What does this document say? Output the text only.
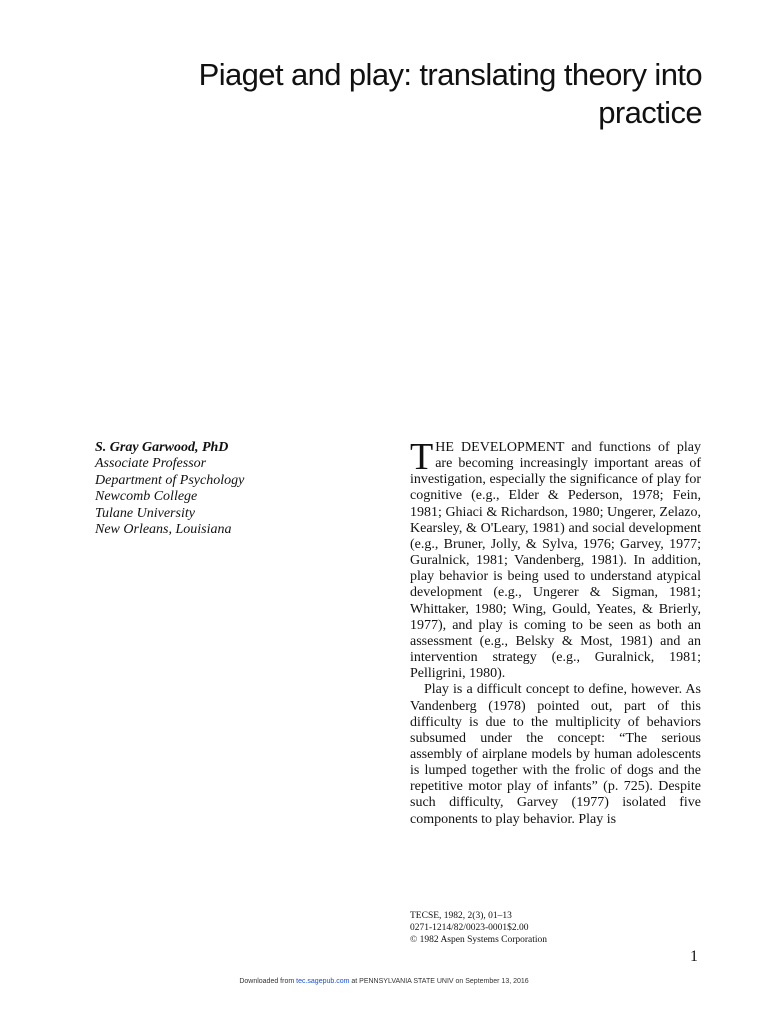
Piaget and play: translating theory into
practice
S. Gray Garwood, PhD
Associate Professor
Department of Psychology
Newcomb College
Tulane University
New Orleans, Louisiana

THE DEVELOPMENT and functions of play are becoming increasingly important areas of investigation, especially the significance of play for cognitive (e.g., Elder & Pederson, 1978; Fein, 1981; Ghiaci & Richardson, 1980; Ungerer, Zelazo, Kearsley, & O'Leary, 1981) and social development (e.g., Bruner, Jolly, & Sylva, 1976; Garvey, 1977; Guralnick, 1981; Vandenberg, 1981). In addition, play behavior is being used to understand atypical development (e.g., Ungerer & Sigman, 1981; Whittaker, 1980; Wing, Gould, Yeates, & Brierly, 1977), and play is coming to be seen as both an assessment (e.g., Belsky & Most, 1981) and an intervention strategy (e.g., Guralnick, 1981; Pelligrini, 1980).

Play is a difficult concept to define, however. As Vandenberg (1978) pointed out, part of this difficulty is due to the multiplicity of behaviors subsumed under the concept: “The serious assembly of airplane models by human adolescents is lumped together with the frolic of dogs and the repetitive motor play of infants” (p. 725). Despite such difficulty, Garvey (1977) isolated five components to play behavior. Play is

TECSE, 1982, 2(3), 01–13
0271-1214/82/0023-0001$2.00
© 1982 Aspen Systems Corporation
1
Downloaded from tec.sagepub.com at PENNSYLVANIA STATE UNIV on September 13, 2016
